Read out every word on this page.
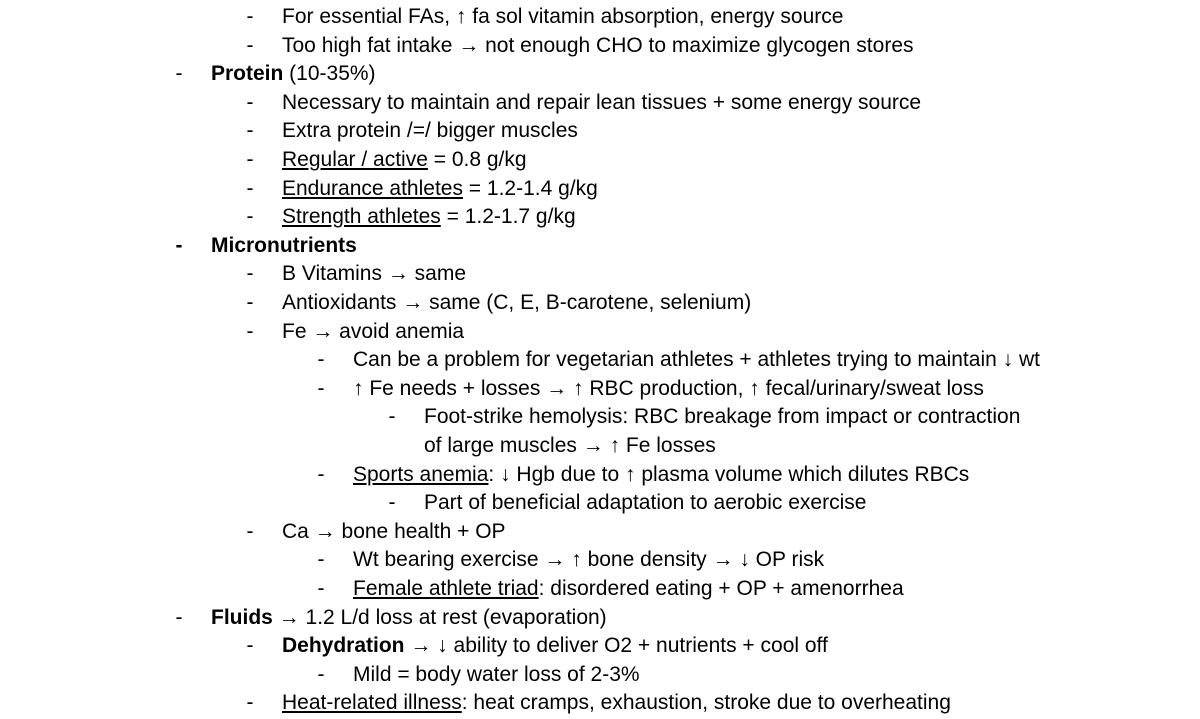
- For essential FAs, ↑ fa sol vitamin absorption, energy source
- Too high fat intake → not enough CHO to maximize glycogen stores
- Protein (10-35%)
- Necessary to maintain and repair lean tissues + some energy source
- Extra protein /=/ bigger muscles
- Regular / active = 0.8 g/kg
- Endurance athletes = 1.2-1.4 g/kg
- Strength athletes = 1.2-1.7 g/kg
- Micronutrients
- B Vitamins → same
- Antioxidants → same (C, E, B-carotene, selenium)
- Fe → avoid anemia
- Can be a problem for vegetarian athletes + athletes trying to maintain ↓ wt
- ↑ Fe needs + losses → ↑ RBC production, ↑ fecal/urinary/sweat loss
- Foot-strike hemolysis: RBC breakage from impact or contraction
of large muscles → ↑ Fe losses
- Sports anemia: ↓ Hgb due to ↑ plasma volume which dilutes RBCs
- Part of beneficial adaptation to aerobic exercise
- Ca → bone health + OP
- Wt bearing exercise → ↑ bone density → ↓ OP risk
- Female athlete triad: disordered eating + OP + amenorrhea
- Fluids → 1.2 L/d loss at rest (evaporation)
- Dehydration → ↓ ability to deliver O2 + nutrients + cool off
- Mild = body water loss of 2-3%
- Heat-related illness: heat cramps, exhaustion, stroke due to overheating
